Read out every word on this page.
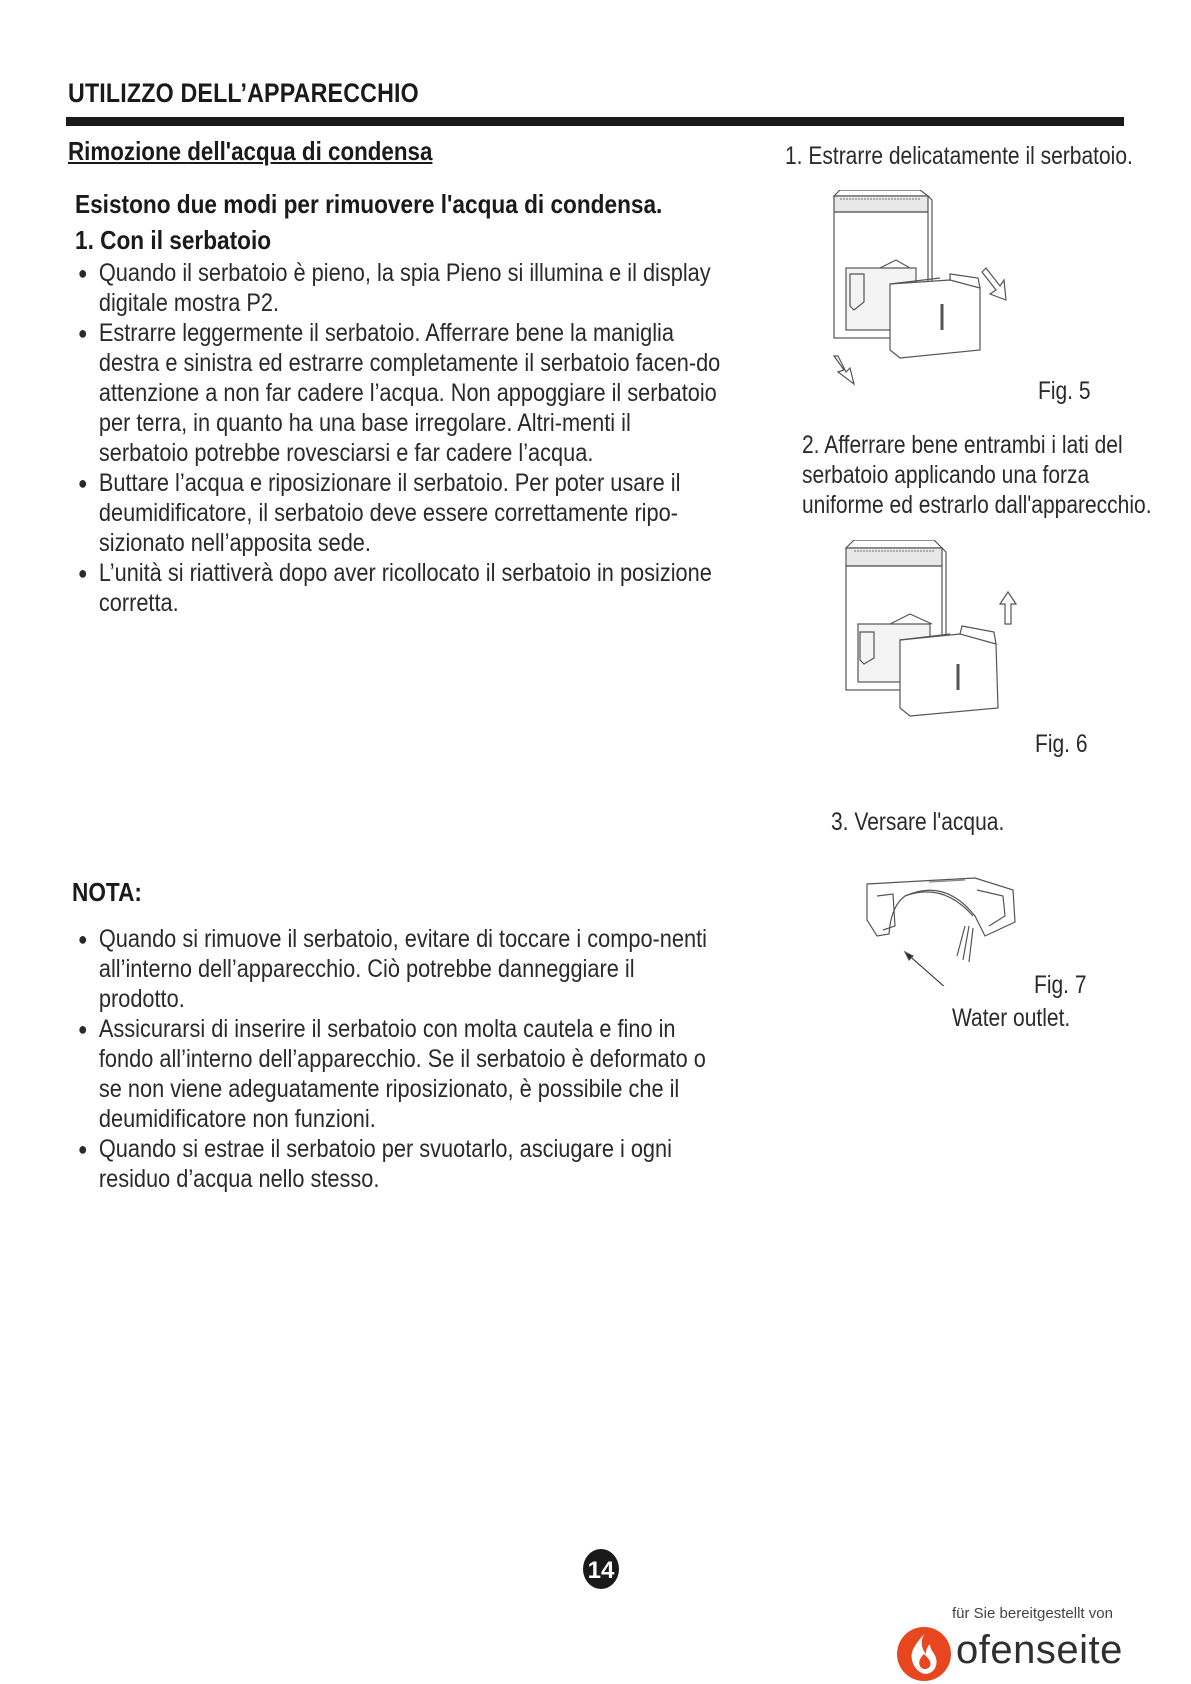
UTILIZZO DELL’APPARECCHIO
Rimozione dell'acqua di condensa
Esistono due modi per rimuovere l'acqua di condensa.
1. Con il serbatoio
● Quando il serbatoio è pieno, la spia Pieno si illumina e il display digitale mostra P2.
● Estrarre leggermente il serbatoio. Afferrare bene la maniglia destra e sinistra ed estrarre completamente il serbatoio facen-do attenzione a non far cadere l’acqua. Non appoggiare il serbatoio per terra, in quanto ha una base irregolare. Altri-menti il serbatoio potrebbe rovesciarsi e far cadere l’acqua.
● Buttare l’acqua e riposizionare il serbatoio. Per poter usare il deumidificatore, il serbatoio deve essere correttamente ripo-sizionato nell’apposita sede.
● L’unità si riattiverà dopo aver ricollocato il serbatoio in posizione corretta.
NOTA:
● Quando si rimuove il serbatoio, evitare di toccare i compo-nenti all’interno dell’apparecchio. Ciò potrebbe danneggiare il prodotto.
● Assicurarsi di inserire il serbatoio con molta cautela e fino in fondo all’interno dell’apparecchio. Se il serbatoio è deformato o se non viene adeguatamente riposizionato, è possibile che il deumidificatore non funzioni.
● Quando si estrae il serbatoio per svuotarlo, asciugare i ogni residuo d’acqua nello stesso.
1. Estrarre delicatamente il serbatoio.
Fig. 5
2. Afferrare bene entrambi i lati del
serbatoio applicando una forza
uniforme ed estrarlo dall'apparecchio.
Fig. 6
3. Versare l'acqua.
Fig. 7
Water outlet.
14
für Sie bereitgestellt von
ofenseite
